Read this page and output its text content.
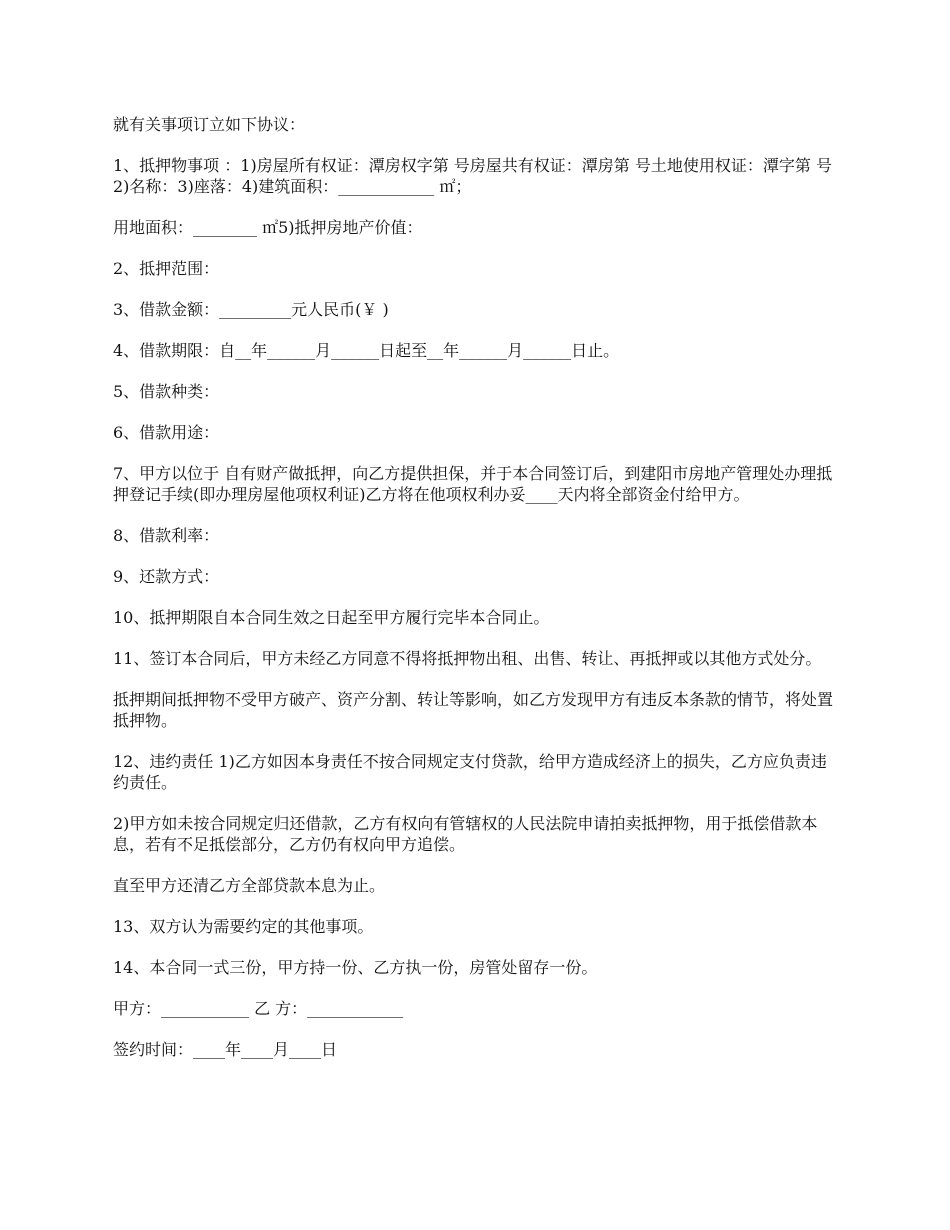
就有关事项订立如下协议：

1、抵押物事项 ：1)房屋所有权证：潭房权字第 号房屋共有权证：潭房第 号土地使用权证：潭字第 号 2)名称：3)座落：4)建筑面积：____________ ㎡；

用地面积：________ ㎡5)抵押房地产价值：

2、抵押范围：

3、借款金额：_________元人民币(￥ )

4、借款期限：自__年______月______日起至__年______月______日止。

5、借款种类：

6、借款用途：

7、甲方以位于 自有财产做抵押，向乙方提供担保，并于本合同签订后，到建阳市房地产管理处办理抵押登记手续(即办理房屋他项权利证)乙方将在他项权利办妥____天内将全部资金付给甲方。

8、借款利率：

9、还款方式：

10、抵押期限自本合同生效之日起至甲方履行完毕本合同止。

11、签订本合同后，甲方未经乙方同意不得将抵押物出租、出售、转让、再抵押或以其他方式处分。

抵押期间抵押物不受甲方破产、资产分割、转让等影响，如乙方发现甲方有违反本条款的情节，将处置抵押物。

12、违约责任 1)乙方如因本身责任不按合同规定支付贷款，给甲方造成经济上的损失，乙方应负责违约责任。

2)甲方如未按合同规定归还借款，乙方有权向有管辖权的人民法院申请拍卖抵押物，用于抵偿借款本息，若有不足抵偿部分，乙方仍有权向甲方追偿。

直至甲方还清乙方全部贷款本息为止。

13、双方认为需要约定的其他事项。

14、本合同一式三份，甲方持一份、乙方执一份，房管处留存一份。

甲方：___________ 乙 方：____________

签约时间：____年____月____日
